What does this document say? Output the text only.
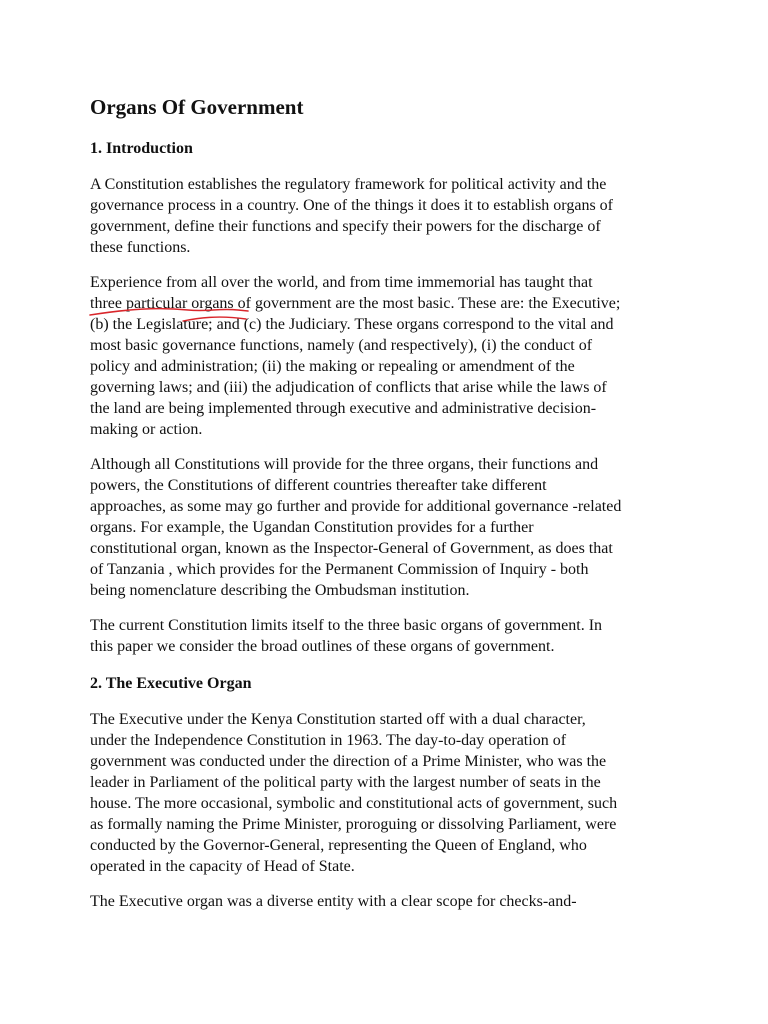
Organs Of Government
1. Introduction

A Constitution establishes the regulatory framework for political activity and the
governance process in a country. One of the things it does it to establish organs of
government, define their functions and specify their powers for the discharge of
these functions.

Experience from all over the world, and from time immemorial has taught that
three particular organs of government are the most basic. These are: the Executive;
(b) the Legislature; and (c) the Judiciary. These organs correspond to the vital and
most basic governance functions, namely (and respectively), (i) the conduct of
policy and administration; (ii) the making or repealing or amendment of the
governing laws; and (iii) the adjudication of conflicts that arise while the laws of
the land are being implemented through executive and administrative decision-
making or action.

Although all Constitutions will provide for the three organs, their functions and
powers, the Constitutions of different countries thereafter take different
approaches, as some may go further and provide for additional governance -related
organs. For example, the Ugandan Constitution provides for a further
constitutional organ, known as the Inspector-General of Government, as does that
of Tanzania , which provides for the Permanent Commission of Inquiry - both
being nomenclature describing the Ombudsman institution.

The current Constitution limits itself to the three basic organs of government. In
this paper we consider the broad outlines of these organs of government.

2. The Executive Organ

The Executive under the Kenya Constitution started off with a dual character,
under the Independence Constitution in 1963. The day-to-day operation of
government was conducted under the direction of a Prime Minister, who was the
leader in Parliament of the political party with the largest number of seats in the
house. The more occasional, symbolic and constitutional acts of government, such
as formally naming the Prime Minister, proroguing or dissolving Parliament, were
conducted by the Governor-General, representing the Queen of England, who
operated in the capacity of Head of State.

The Executive organ was a diverse entity with a clear scope for checks-and-
